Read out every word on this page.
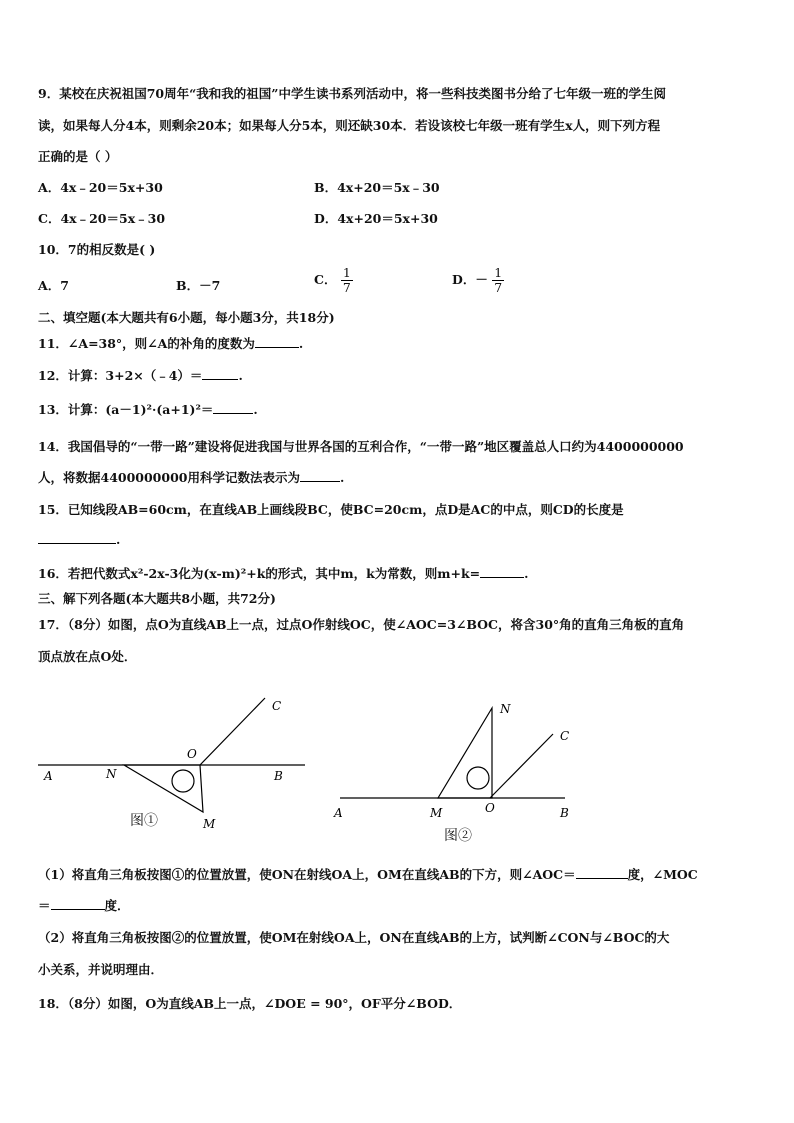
9．某校在庆祝祖国70周年“我和我的祖国”中学生读书系列活动中，将一些科技类图书分给了七年级一班的学生阅
读，如果每人分4本，则剩余20本；如果每人分5本，则还缺30本．若设该校七年级一班有学生x人，则下列方程
正确的是（ ）
A．4x﹣20＝5x+30	B．4x+20＝5x﹣30
C．4x﹣20＝5x﹣30	D．4x+20＝5x+30
10．7的相反数是( )
A．7	B．－7	C． $\frac{1}{7}$	D．－ $\frac{1}{7}$
二、填空题(本大题共有6小题，每小题3分，共18分)
11．∠A=38°，则∠A的补角的度数为	.
12．计算：3+2×（﹣4）＝	.
13．计算：(a－1)²·(a+1)²＝	.
14．我国倡导的“一带一路”建设将促进我国与世界各国的互利合作，“一带一路”地区覆盖总人口约为4400000000
人，将数据4400000000用科学记数法表示为	.
15．已知线段AB=60cm，在直线AB上画线段BC，使BC=20cm，点D是AC的中点，则CD的长度是
.
16．若把代数式x²-2x-3化为(x-m)²+k的形式，其中m，k为常数，则m+k=	.
三、解下列各题(本大题共8小题，共72分)
17．（8分）如图，点O为直线AB上一点，过点O作射线OC，使∠AOC=3∠BOC，将含30°角的直角三角板的直角
顶点放在点O处．
A	N
O
C
B
M
图①	A	M	O
N
C
B
图②
（1）将直角三角板按图①的位置放置，使ON在射线OA上，OM在直线AB的下方，则∠AOC＝	度，∠MOC
＝	度．
（2）将直角三角板按图②的位置放置，使OM在射线OA上，ON在直线AB的上方，试判断∠CON与∠BOC的大
小关系，并说明理由．
18．（8分）如图，O为直线AB上一点，∠DOE = 90°，OF平分∠BOD．
